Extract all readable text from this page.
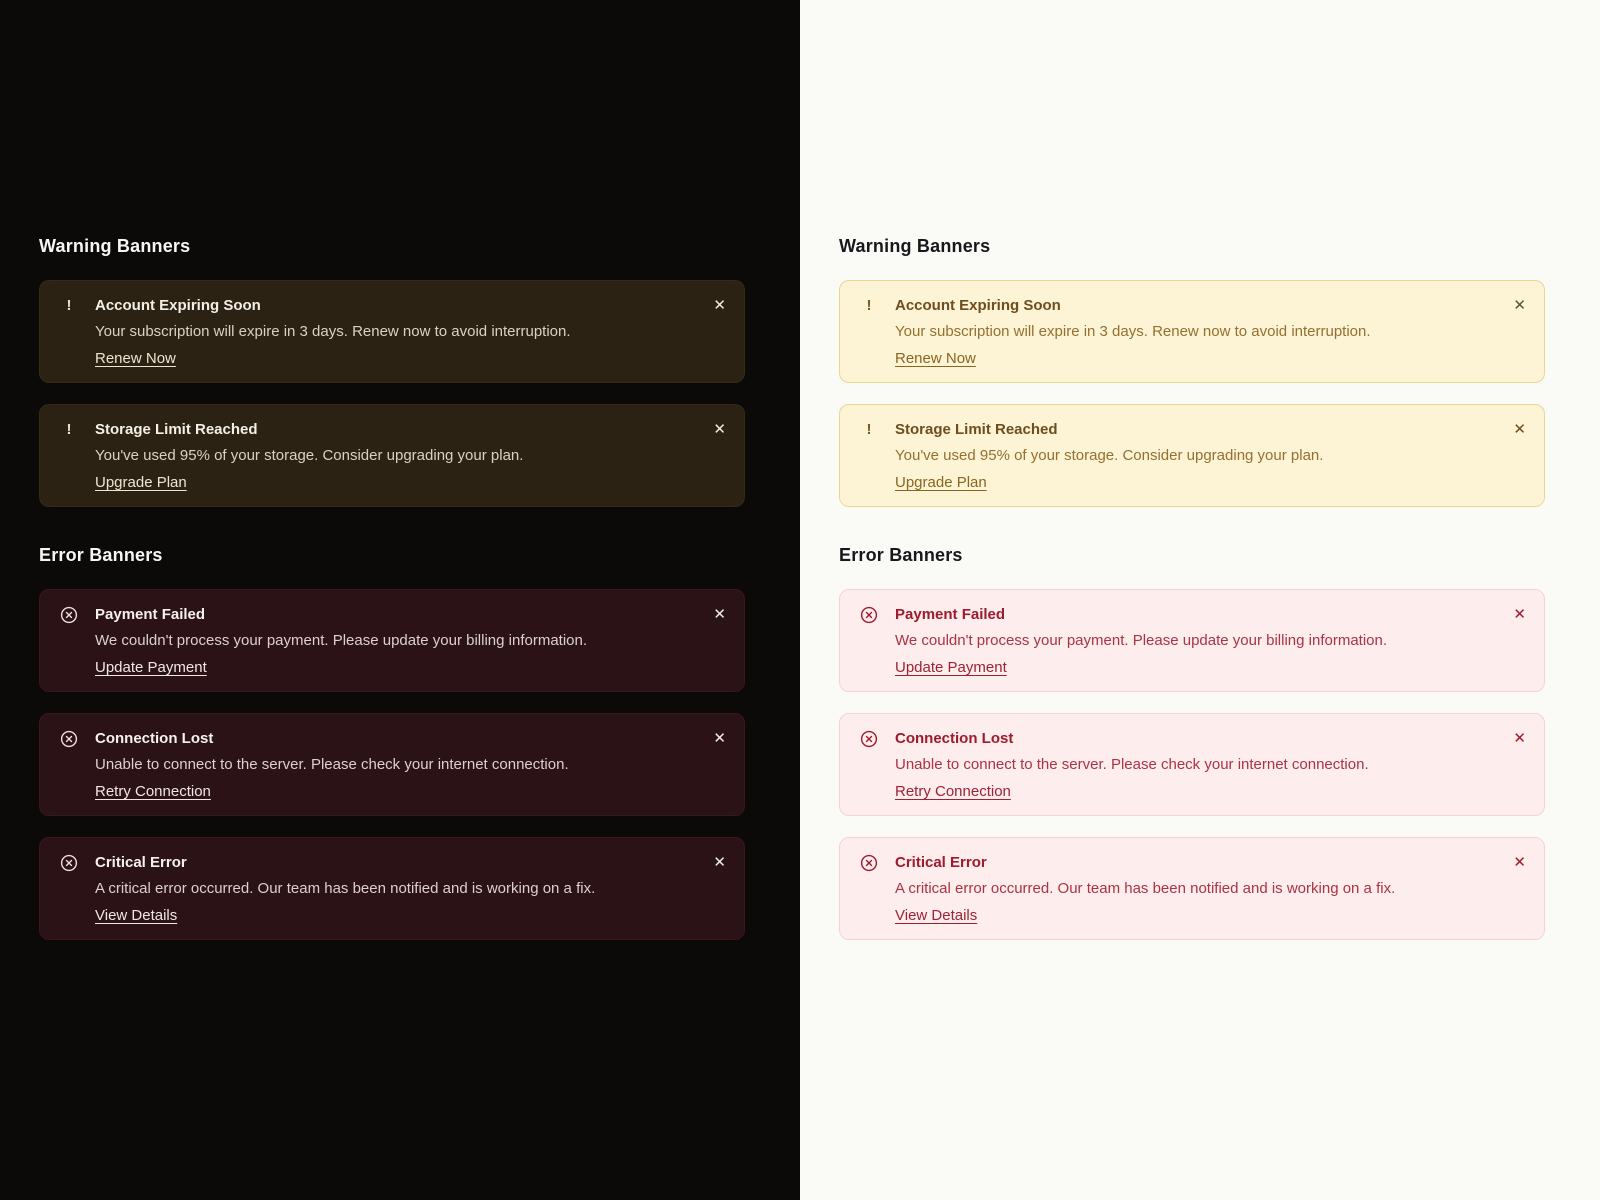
Warning Banners
!	Account Expiring Soon
Your subscription will expire in 3 days. Renew now to avoid interruption.
Renew Now
✕
!	Storage Limit Reached
You've used 95% of your storage. Consider upgrading your plan.
Upgrade Plan
✕
Error Banners
Payment Failed
We couldn't process your payment. Please update your billing information.
Update Payment
✕
Connection Lost
Unable to connect to the server. Please check your internet connection.
Retry Connection
✕
Critical Error
A critical error occurred. Our team has been notified and is working on a fix.
View Details
✕
Warning Banners
!	Account Expiring Soon
Your subscription will expire in 3 days. Renew now to avoid interruption.
Renew Now
✕
!	Storage Limit Reached
You've used 95% of your storage. Consider upgrading your plan.
Upgrade Plan
✕
Error Banners
Payment Failed
We couldn't process your payment. Please update your billing information.
Update Payment
✕
Connection Lost
Unable to connect to the server. Please check your internet connection.
Retry Connection
✕
Critical Error
A critical error occurred. Our team has been notified and is working on a fix.
View Details
✕
